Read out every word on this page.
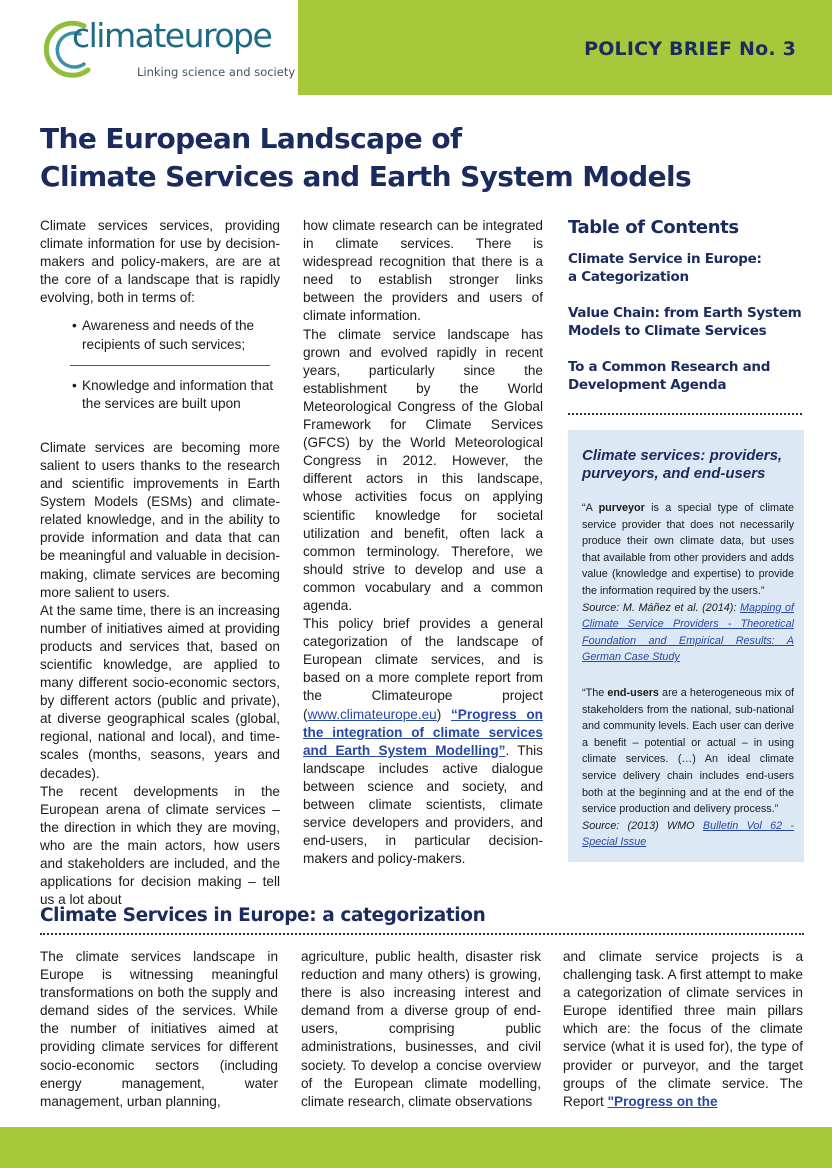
climateurope
Linking science and society
POLICY BRIEF No. 3
The European Landscape of
Climate Services and Earth System Models

Climate services services, providing climate information for use by decision-makers and policy-makers, are are at the core of a landscape that is rapidly evolving, both in terms of:

• Awareness and needs of the recipients of such services;
• Knowledge and information that the services are built upon

Climate services are becoming more salient to users thanks to the research and scientific improvements in Earth System Models (ESMs) and climate-related knowledge, and in the ability to provide information and data that can be meaningful and valuable in decision-making, climate services are becoming more salient to users.

At the same time, there is an increasing number of initiatives aimed at providing products and services that, based on scientific knowledge, are applied to many different socio-economic sectors, by different actors (public and private), at diverse geographical scales (global, regional, national and local), and time-scales (months, seasons, years and decades).

The recent developments in the European arena of climate services – the direction in which they are moving, who are the main actors, how users and stakeholders are included, and the applications for decision making – tell us a lot about

how climate research can be integrated in climate services. There is widespread recognition that there is a need to establish stronger links between the providers and users of climate information.

The climate service landscape has grown and evolved rapidly in recent years, particularly since the establishment by the World Meteorological Congress of the Global Framework for Climate Services (GFCS) by the World Meteorological Congress in 2012. However, the different actors in this landscape, whose activities focus on applying scientific knowledge for societal utilization and benefit, often lack a common terminology. Therefore, we should strive to develop and use a common vocabulary and a common agenda.

This policy brief provides a general categorization of the landscape of European climate services, and is based on a more complete report from the Climateurope project (www.climateurope.eu) “Progress on the integration of climate services and Earth System Modelling”. This landscape includes active dialogue between science and society, and between climate scientists, climate service developers and providers, and end-users, in particular decision-makers and policy-makers.

Table of Contents
Climate Service in Europe:
a Categorization
Value Chain: from Earth System Models to Climate Services
To a Common Research and Development Agenda
Climate services: providers, purveyors, and end-users
“A purveyor is a special type of climate service provider that does not necessarily produce their own climate data, but uses that available from other providers and adds value (knowledge and expertise) to provide the information required by the users.”
Source: M. Máñez et al. (2014): Mapping of Climate Service Providers - Theoretical Foundation and Empirical Results: A German Case Study
“The end-users are a heterogeneous mix of stakeholders from the national, sub-national and community levels. Each user can derive a benefit – potential or actual – in using climate services. (…) An ideal climate service delivery chain includes end-users both at the beginning and at the end of the service production and delivery process.”
Source: (2013) WMO Bulletin Vol 62 - Special Issue
Climate Services in Europe: a categorization

The climate services landscape in Europe is witnessing meaningful transformations on both the supply and demand sides of the services. While the number of initiatives aimed at providing climate services for different socio-economic sectors (including energy management, water management, urban planning,

agriculture, public health, disaster risk reduction and many others) is growing, there is also increasing interest and demand from a diverse group of end-users, comprising public administrations, businesses, and civil society. To develop a concise overview of the European climate modelling, climate research, climate observations

and climate service projects is a challenging task. A first attempt to make a categorization of climate services in Europe identified three main pillars which are: the focus of the climate service (what it is used for), the type of provider or purveyor, and the target groups of the climate service. The Report "Progress on the
